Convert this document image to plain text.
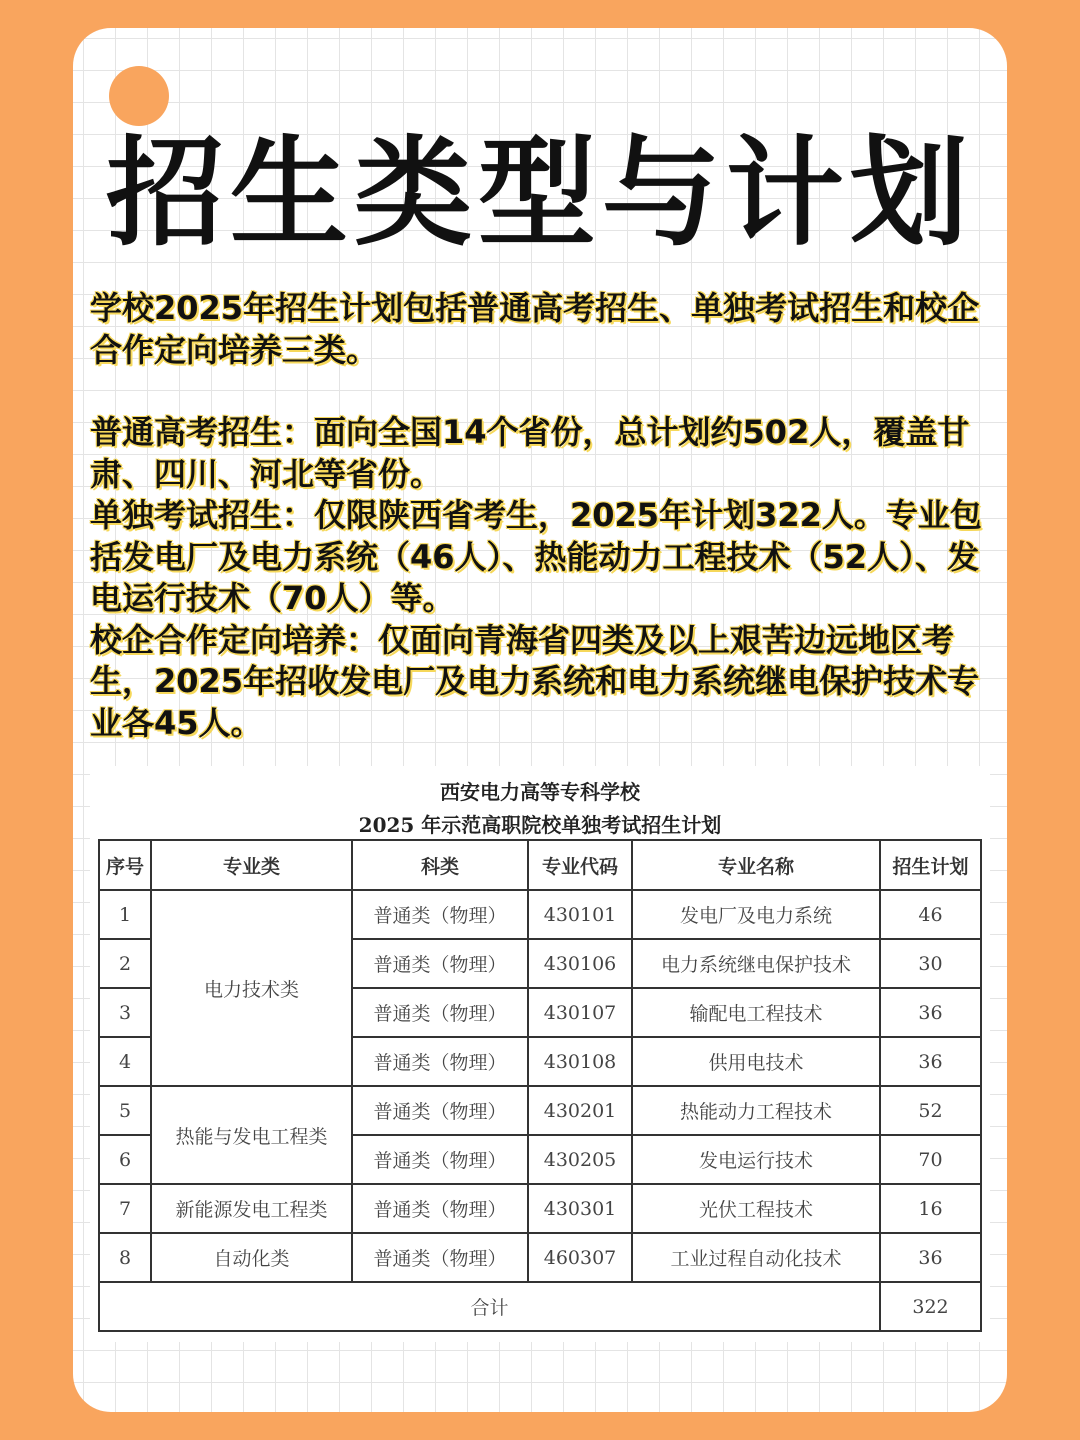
招生类型与计划

学校2025年招生计划包括普通高考招生、单独考试招生和校企合作定向培养三类。

普通高考招生：面向全国14个省份，总计划约502人，覆盖甘肃、四川、河北等省份。

单独考试招生：仅限陕西省考生，2025年计划322人。专业包括发电厂及电力系统（46人）、热能动力工程技术（52人）、发电运行技术（70人）等。

校企合作定向培养：仅面向青海省四类及以上艰苦边远地区考生，2025年招收发电厂及电力系统和电力系统继电保护技术专业各45人。

西安电力高等专科学校
2025 年示范高职院校单独考试招生计划
序号	专业类	科类	专业代码	专业名称	招生计划
1	电力技术类	普通类（物理）	430101	发电厂及电力系统	46
2		普通类（物理）	430106	电力系统继电保护技术	30
3		普通类（物理）	430107	输配电工程技术	36
4		普通类（物理）	430108	供用电技术	36
5	热能与发电工程类	普通类（物理）	430201	热能动力工程技术	52
6		普通类（物理）	430205	发电运行技术	70
7	新能源发电工程类	普通类（物理）	430301	光伏工程技术	16
8	自动化类	普通类（物理）	460307	工业过程自动化技术	36
合计					322
